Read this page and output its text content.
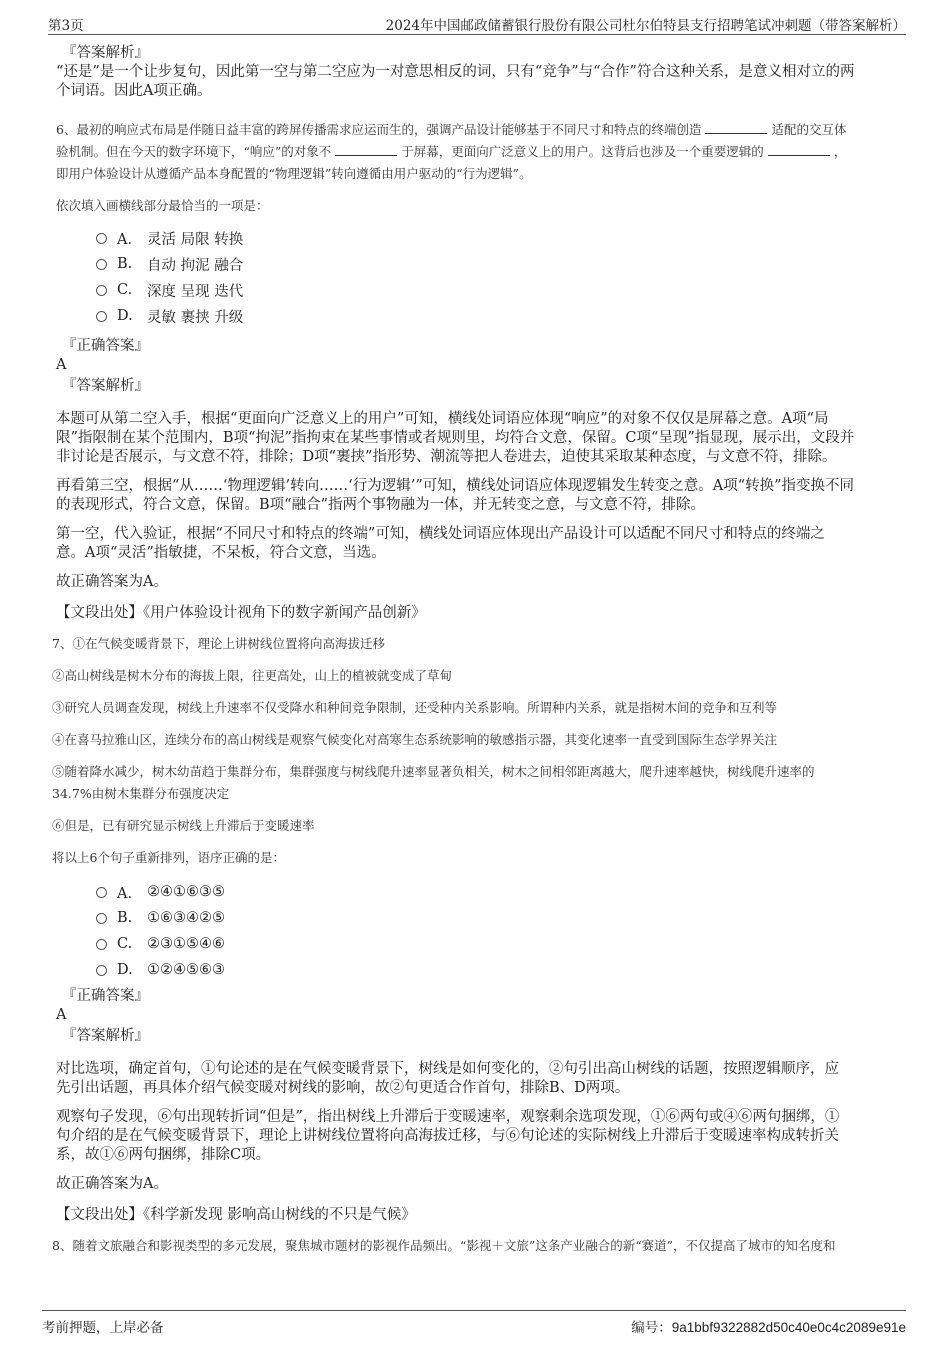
第3页	2024年中国邮政储蓄银行股份有限公司杜尔伯特县支行招聘笔试冲刺题（带答案解析）

『答案解析』

“还是”是一个让步复句，因此第一空与第二空应为一对意思相反的词，只有“竞争”与“合作”符合这种关系，是意义相对立的两

个词语。因此A项正确。

6、最初的响应式布局是伴随日益丰富的跨屏传播需求应运而生的，强调产品设计能够基于不同尺寸和特点的终端创造	适配的交互体

验机制。但在今天的数字环境下，“响应”的对象不	于屏幕，更面向广泛意义上的用户。这背后也涉及一个重要逻辑的	，

即用户体验设计从遵循产品本身配置的“物理逻辑”转向遵循由用户驱动的“行为逻辑”。

依次填入画横线部分最恰当的一项是：

A． 灵活 局限 转换
B.	自动 拘泥 融合
C.	深度 呈现 迭代
D. 灵敏 裹挟 升级

『正确答案』

A

『答案解析』

本题可从第二空入手，根据“更面向广泛意义上的用户”可知，横线处词语应体现“响应”的对象不仅仅是屏幕之意。A项“局

限”指限制在某个范围内，B项“拘泥”指拘束在某些事情或者规则里，均符合文意，保留。C项“呈现”指显现，展示出，文段并

非讨论是否展示，与文意不符，排除；D项“裹挟”指形势、潮流等把人卷进去，迫使其采取某种态度，与文意不符，排除。

再看第三空，根据“从……‘物理逻辑’转向……‘行为逻辑’”可知，横线处词语应体现逻辑发生转变之意。A项“转换”指变换不同

的表现形式，符合文意，保留。B项“融合”指两个事物融为一体，并无转变之意，与文意不符，排除。

第一空，代入验证，根据“不同尺寸和特点的终端”可知，横线处词语应体现出产品设计可以适配不同尺寸和特点的终端之

意。A项“灵活”指敏捷，不呆板，符合文意，当选。

故正确答案为A。

【文段出处】《用户体验设计视角下的数字新闻产品创新》

7、①在气候变暖背景下，理论上讲树线位置将向高海拔迁移

②高山树线是树木分布的海拔上限，往更高处，山上的植被就变成了草甸

③研究人员调查发现，树线上升速率不仅受降水和种间竞争限制，还受种内关系影响。所谓种内关系，就是指树木间的竞争和互利等

④在喜马拉雅山区，连续分布的高山树线是观察气候变化对高寒生态系统影响的敏感指示器，其变化速率一直受到国际生态学界关注

⑤随着降水减少，树木幼苗趋于集群分布，集群强度与树线爬升速率显著负相关，树木之间相邻距离越大，爬升速率越快，树线爬升速率的

34.7%由树木集群分布强度决定

⑥但是，已有研究显示树线上升滞后于变暖速率

将以上6个句子重新排列，语序正确的是：

A． ②④①⑥③⑤
B.	①⑥③④②⑤
C.	②③①⑤④⑥
D. ①②④⑤⑥③

『正确答案』

A

『答案解析』

对比选项，确定首句，①句论述的是在气候变暖背景下，树线是如何变化的，②句引出高山树线的话题，按照逻辑顺序，应

先引出话题，再具体介绍气候变暖对树线的影响，故②句更适合作首句，排除B、D两项。

观察句子发现，⑥句出现转折词“但是”，指出树线上升滞后于变暖速率，观察剩余选项发现，①⑥两句或④⑥两句捆绑，①

句介绍的是在气候变暖背景下，理论上讲树线位置将向高海拔迁移，与⑥句论述的实际树线上升滞后于变暖速率构成转折关

系，故①⑥两句捆绑，排除C项。

故正确答案为A。

【文段出处】《科学新发现 影响高山树线的不只是气候》

8、随着文旅融合和影视类型的多元发展，聚焦城市题材的影视作品频出。“影视＋文旅”这条产业融合的新“赛道”，不仅提高了城市的知名度和

考前押题，上岸必备	编号：9a1bbf9322882d50c40e0c4c2089e91e
